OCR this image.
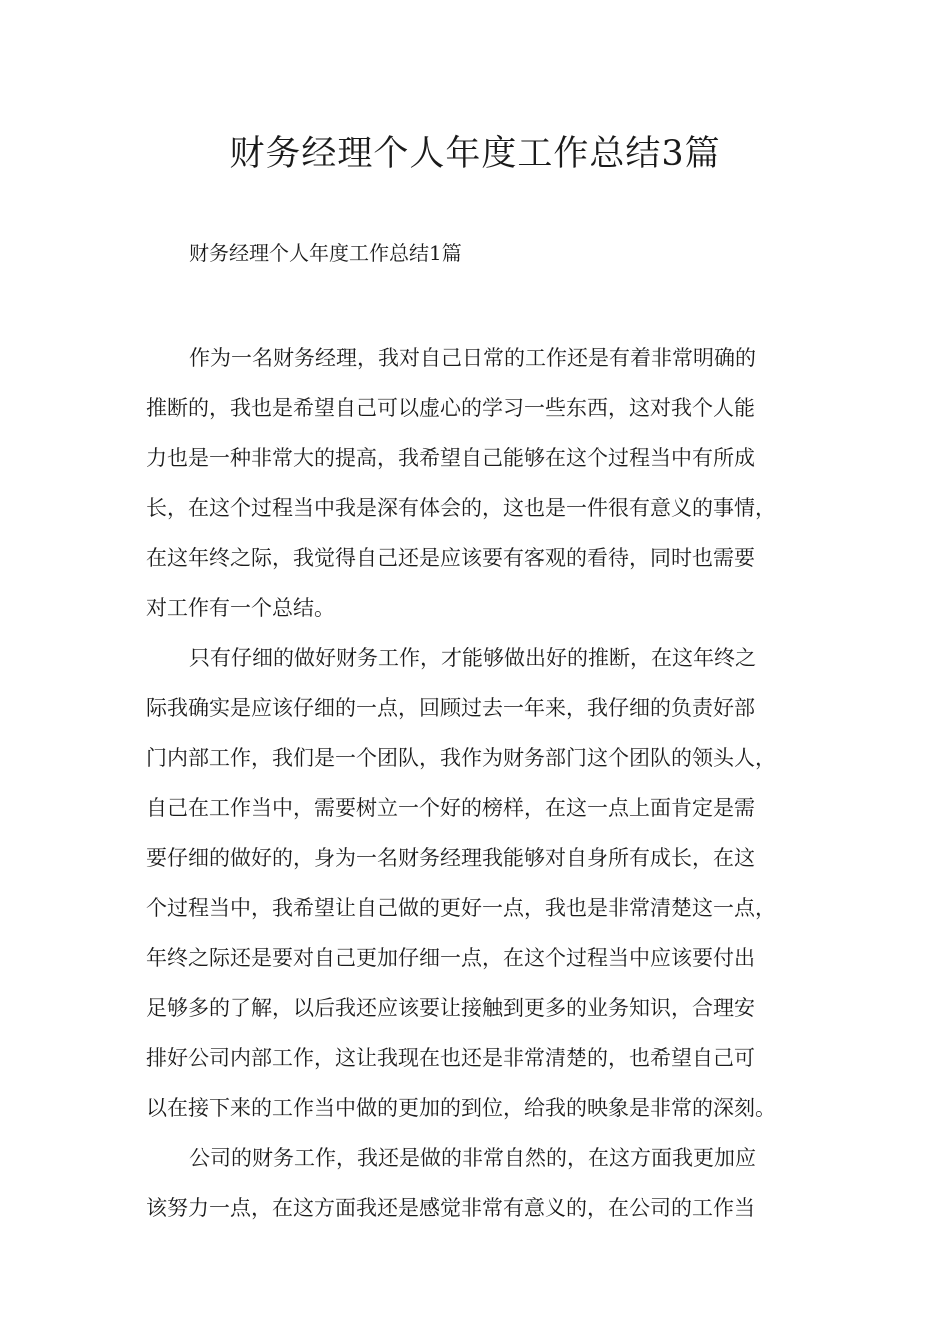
财务经理个人年度工作总结3篇
财务经理个人年度工作总结1篇
作为一名财务经理，我对自己日常的工作还是有着非常明确的
推断的，我也是希望自己可以虚心的学习一些东西，这对我个人能
力也是一种非常大的提高，我希望自己能够在这个过程当中有所成
长，在这个过程当中我是深有体会的，这也是一件很有意义的事情，
在这年终之际，我觉得自己还是应该要有客观的看待，同时也需要
对工作有一个总结。
只有仔细的做好财务工作，才能够做出好的推断，在这年终之
际我确实是应该仔细的一点，回顾过去一年来，我仔细的负责好部
门内部工作，我们是一个团队，我作为财务部门这个团队的领头人，
自己在工作当中，需要树立一个好的榜样，在这一点上面肯定是需
要仔细的做好的，身为一名财务经理我能够对自身所有成长，在这
个过程当中，我希望让自己做的更好一点，我也是非常清楚这一点，
年终之际还是要对自己更加仔细一点，在这个过程当中应该要付出
足够多的了解，以后我还应该要让接触到更多的业务知识，合理安
排好公司内部工作，这让我现在也还是非常清楚的，也希望自己可
以在接下来的工作当中做的更加的到位，给我的映象是非常的深刻。
公司的财务工作，我还是做的非常自然的，在这方面我更加应
该努力一点，在这方面我还是感觉非常有意义的，在公司的工作当
